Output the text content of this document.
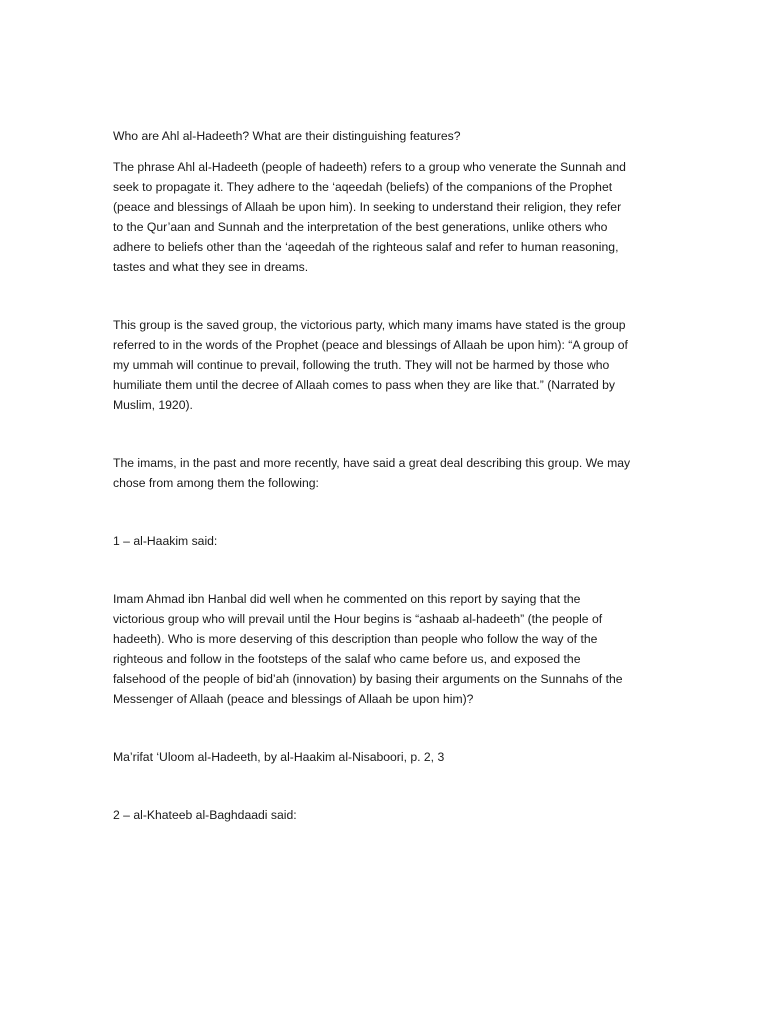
Who are Ahl al-Hadeeth? What are their distinguishing features?

The phrase Ahl al-Hadeeth (people of hadeeth) refers to a group who venerate the Sunnah and

seek to propagate it. They adhere to the ‘aqeedah (beliefs) of the companions of the Prophet

(peace and blessings of Allaah be upon him). In seeking to understand their religion, they refer

to the Qur’aan and Sunnah and the interpretation of the best generations, unlike others who

adhere to beliefs other than the ‘aqeedah of the righteous salaf and refer to human reasoning,

tastes and what they see in dreams.

This group is the saved group, the victorious party, which many imams have stated is the group

referred to in the words of the Prophet (peace and blessings of Allaah be upon him): “A group of

my ummah will continue to prevail, following the truth. They will not be harmed by those who

humiliate them until the decree of Allaah comes to pass when they are like that.” (Narrated by

Muslim, 1920).

The imams, in the past and more recently, have said a great deal describing this group. We may

chose from among them the following:

1 – al-Haakim said:

Imam Ahmad ibn Hanbal did well when he commented on this report by saying that the

victorious group who will prevail until the Hour begins is “ashaab al-hadeeth” (the people of

hadeeth). Who is more deserving of this description than people who follow the way of the

righteous and follow in the footsteps of the salaf who came before us, and exposed the

falsehood of the people of bid’ah (innovation) by basing their arguments on the Sunnahs of the

Messenger of Allaah (peace and blessings of Allaah be upon him)?

Ma’rifat ‘Uloom al-Hadeeth, by al-Haakim al-Nisaboori, p. 2, 3

2 – al-Khateeb al-Baghdaadi said:
